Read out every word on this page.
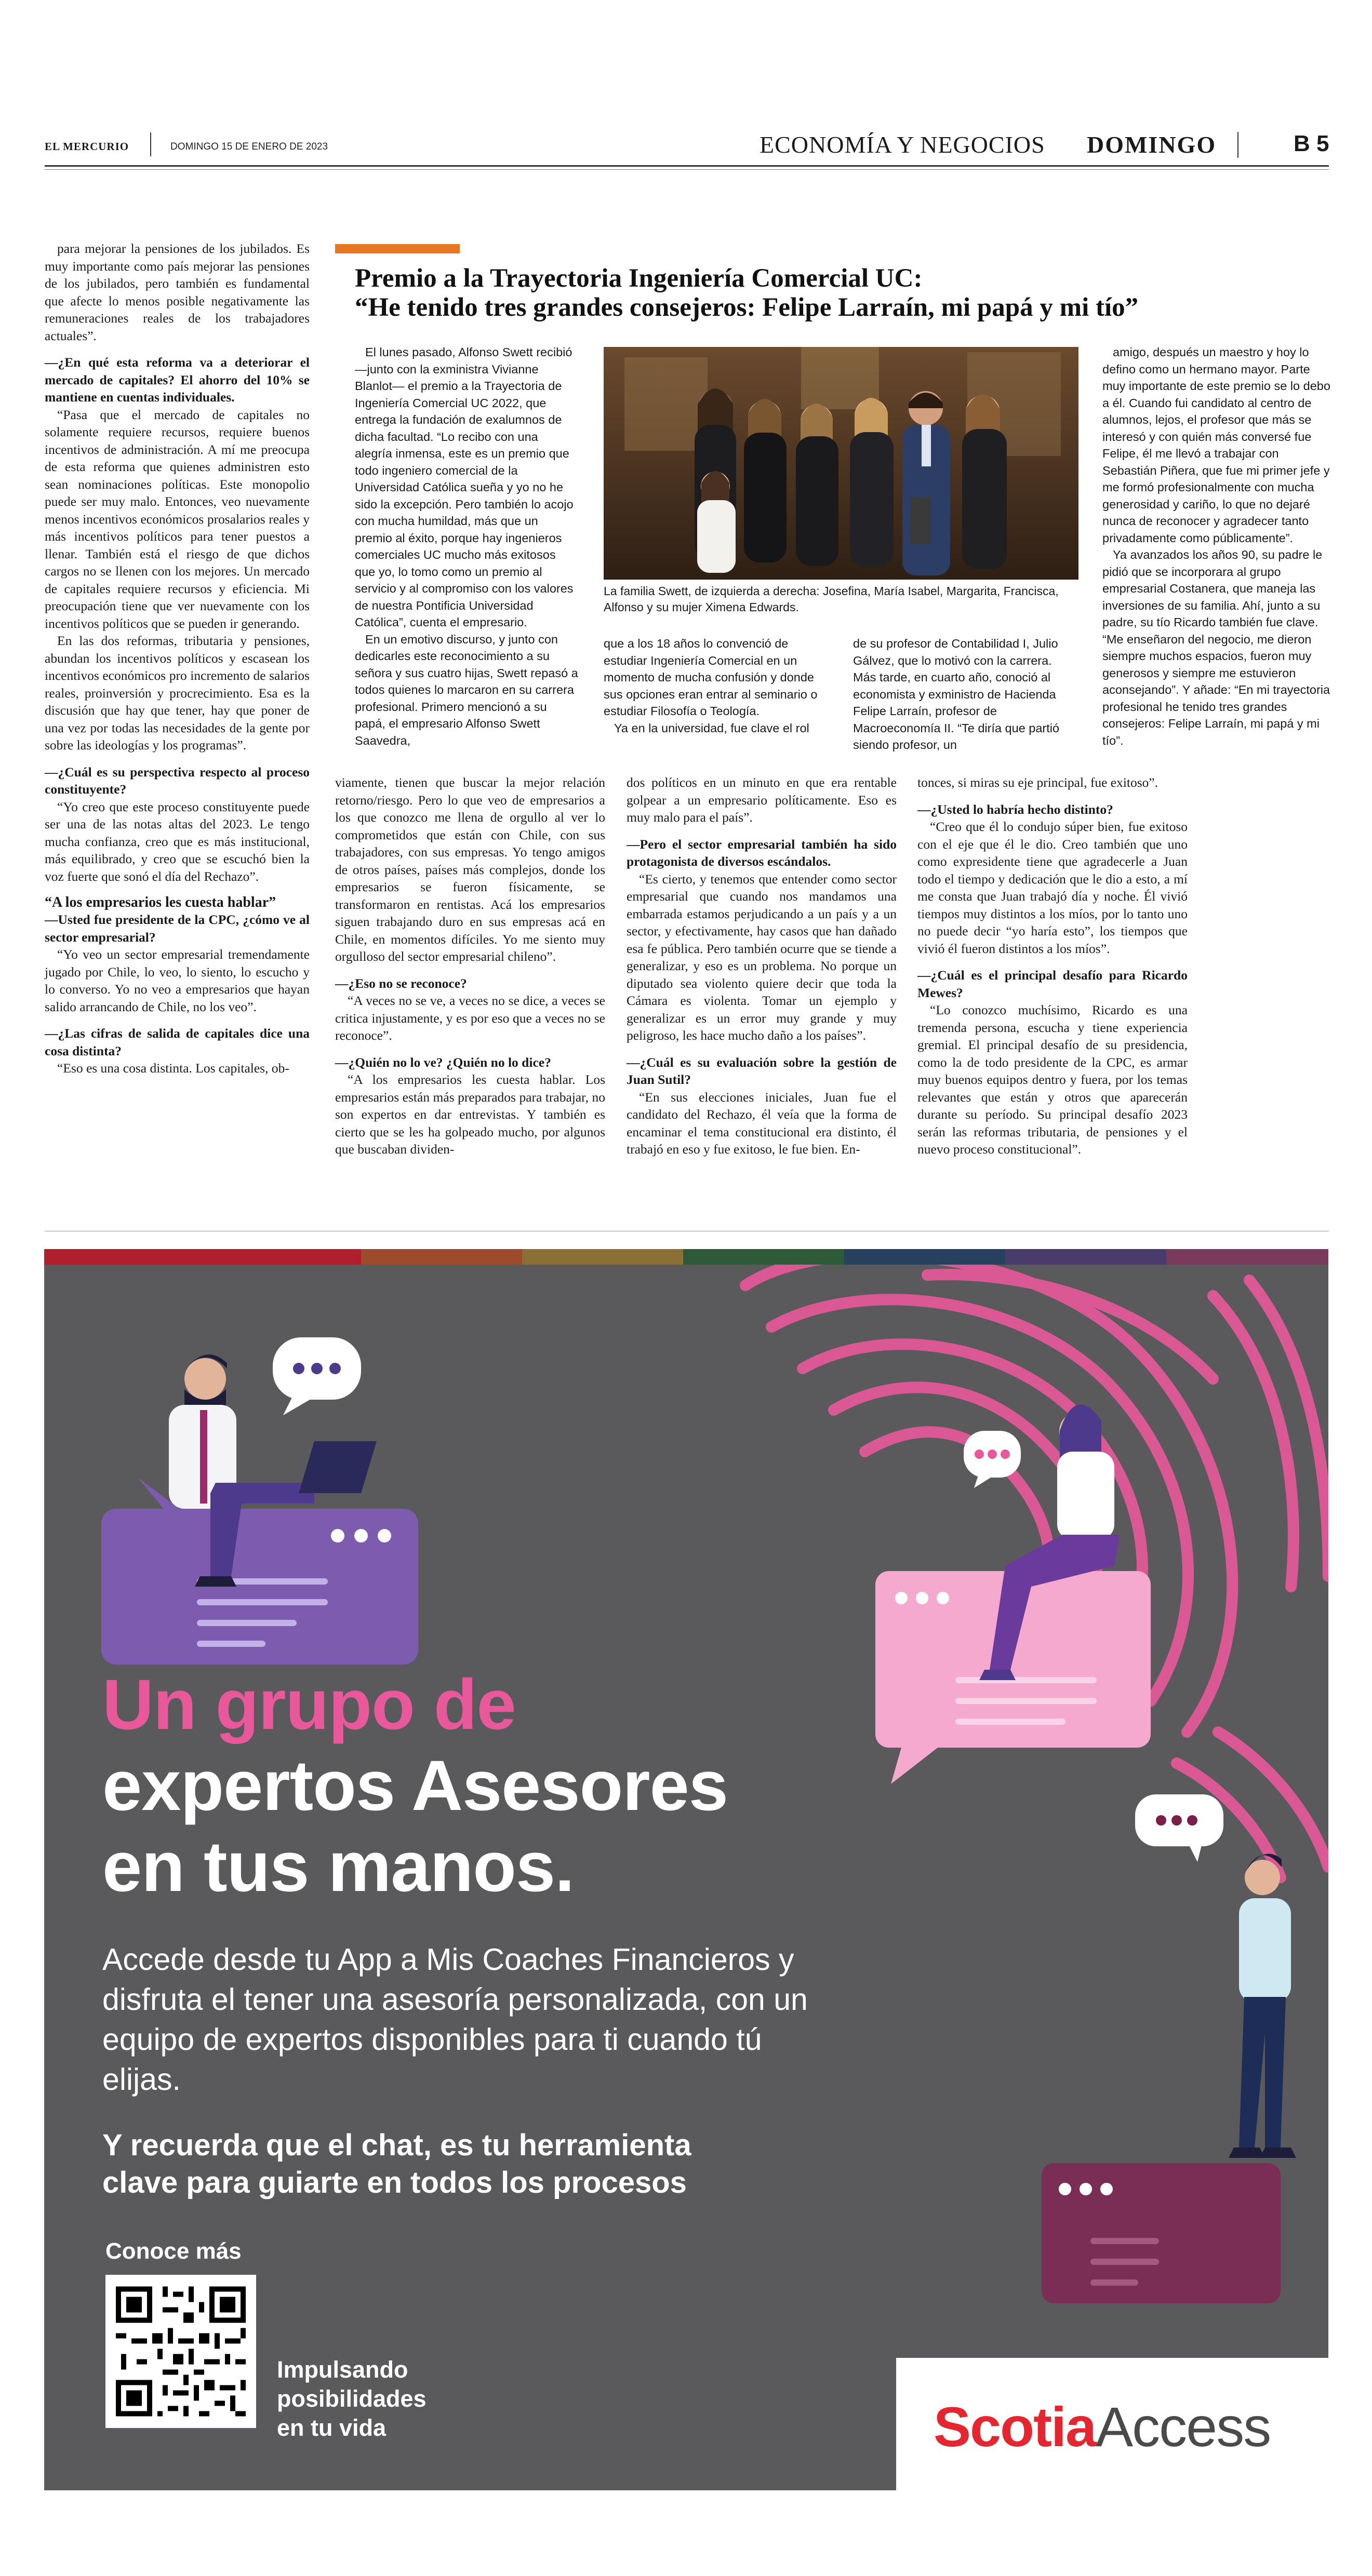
EL MERCURIO	DOMINGO 15 DE ENERO DE 2023	ECONOMÍA Y NEGOCIOS DOMINGO	B 5

para mejorar la pensiones de los jubilados. Es muy importante como país mejorar las pensiones de los jubilados, pero también es fundamental que afecte lo menos posible negativamente las remuneraciones reales de los trabajadores actuales”.

—¿En qué esta reforma va a deteriorar el mercado de capitales? El ahorro del 10% se mantiene en cuentas individuales.

“Pasa que el mercado de capitales no solamente requiere recursos, requiere buenos incentivos de administración. A mí me preocupa de esta reforma que quienes administren esto sean nominaciones políticas. Este monopolio puede ser muy malo. Entonces, veo nuevamente menos incentivos económicos prosalarios reales y más incentivos políticos para tener puestos a llenar. También está el riesgo de que dichos cargos no se llenen con los mejores. Un mercado de capitales requiere recursos y eficiencia. Mi preocupación tiene que ver nuevamente con los incentivos políticos que se pueden ir generando.

En las dos reformas, tributaria y pensiones, abundan los incentivos políticos y escasean los incentivos económicos pro incremento de salarios reales, proinversión y procrecimiento. Esa es la discusión que hay que tener, hay que poner de una vez por todas las necesidades de la gente por sobre las ideologías y los programas”.

—¿Cuál es su perspectiva respecto al proceso constituyente?

“Yo creo que este proceso constituyente puede ser una de las notas altas del 2023. Le tengo mucha confianza, creo que es más institucional, más equilibrado, y creo que se escuchó bien la voz fuerte que sonó el día del Rechazo”.

“A los empresarios les cuesta hablar”

—Usted fue presidente de la CPC, ¿cómo ve al sector empresarial?

“Yo veo un sector empresarial tremendamente jugado por Chile, lo veo, lo siento, lo escucho y lo converso. Yo no veo a empresarios que hayan salido arrancando de Chile, no los veo”.

—¿Las cifras de salida de capitales dice una cosa distinta?

“Eso es una cosa distinta. Los capitales, ob-

Premio a la Trayectoria Ingeniería Comercial UC:
“He tenido tres grandes consejeros: Felipe Larraín, mi papá y mi tío”

El lunes pasado, Alfonso Swett recibió —junto con la exministra Vivianne Blanlot— el premio a la Trayectoria de Ingeniería Comercial UC 2022, que entrega la fundación de exalumnos de dicha facultad. “Lo recibo con una alegría inmensa, este es un premio que todo ingeniero comercial de la Universidad Católica sueña y yo no he sido la excepción. Pero también lo acojo con mucha humildad, más que un premio al éxito, porque hay ingenieros comerciales UC mucho más exitosos que yo, lo tomo como un premio al servicio y al compromiso con los valores de nuestra Pontificia Universidad Católica”, cuenta el empresario.

En un emotivo discurso, y junto con dedicarles este reconocimiento a su señora y sus cuatro hijas, Swett repasó a todos quienes lo marcaron en su carrera profesional. Primero mencionó a su papá, el empresario Alfonso Swett Saavedra,

La familia Swett, de izquierda a derecha: Josefina, María Isabel, Margarita, Francisca, Alfonso y su mujer Ximena Edwards.

que a los 18 años lo convenció de estudiar Ingeniería Comercial en un momento de mucha confusión y donde sus opciones eran entrar al seminario o estudiar Filosofía o Teología.

Ya en la universidad, fue clave el rol

de su profesor de Contabilidad I, Julio Gálvez, que lo motivó con la carrera. Más tarde, en cuarto año, conoció al economista y exministro de Hacienda Felipe Larraín, profesor de Macroeconomía II. “Te diría que partió siendo profesor, un

amigo, después un maestro y hoy lo defino como un hermano mayor. Parte muy importante de este premio se lo debo a él. Cuando fui candidato al centro de alumnos, lejos, el profesor que más se interesó y con quién más conversé fue Felipe, él me llevó a trabajar con Sebastián Piñera, que fue mi primer jefe y me formó profesionalmente con mucha generosidad y cariño, lo que no dejaré nunca de reconocer y agradecer tanto privadamente como públicamente”.

Ya avanzados los años 90, su padre le pidió que se incorporara al grupo empresarial Costanera, que maneja las inversiones de su familia. Ahí, junto a su padre, su tío Ricardo también fue clave. “Me enseñaron del negocio, me dieron siempre muchos espacios, fueron muy generosos y siempre me estuvieron aconsejando”. Y añade: “En mi trayectoria profesional he tenido tres grandes consejeros: Felipe Larraín, mi papá y mi tío”.

viamente, tienen que buscar la mejor relación retorno/riesgo. Pero lo que veo de empresarios a los que conozco me llena de orgullo al ver lo comprometidos que están con Chile, con sus trabajadores, con sus empresas. Yo tengo amigos de otros países, países más complejos, donde los empresarios se fueron físicamente, se transformaron en rentistas. Acá los empresarios siguen trabajando duro en sus empresas acá en Chile, en momentos difíciles. Yo me siento muy orgulloso del sector empresarial chileno”.

—¿Eso no se reconoce?

“A veces no se ve, a veces no se dice, a veces se critica injustamente, y es por eso que a veces no se reconoce”.

—¿Quién no lo ve? ¿Quién no lo dice?

“A los empresarios les cuesta hablar. Los empresarios están más preparados para trabajar, no son expertos en dar entrevistas. Y también es cierto que se les ha golpeado mucho, por algunos que buscaban dividen-

dos políticos en un minuto en que era rentable golpear a un empresario políticamente. Eso es muy malo para el país”.

—Pero el sector empresarial también ha sido protagonista de diversos escándalos.

“Es cierto, y tenemos que entender como sector empresarial que cuando nos mandamos una embarrada estamos perjudicando a un país y a un sector, y efectivamente, hay casos que han dañado esa fe pública. Pero también ocurre que se tiende a generalizar, y eso es un problema. No porque un diputado sea violento quiere decir que toda la Cámara es violenta. Tomar un ejemplo y generalizar es un error muy grande y muy peligroso, les hace mucho daño a los países”.

—¿Cuál es su evaluación sobre la gestión de Juan Sutil?

“En sus elecciones iniciales, Juan fue el candidato del Rechazo, él veía que la forma de encaminar el tema constitucional era distinto, él trabajó en eso y fue exitoso, le fue bien. En-

tonces, si miras su eje principal, fue exitoso”.

—¿Usted lo habría hecho distinto?

“Creo que él lo condujo súper bien, fue exitoso con el eje que él le dio. Creo también que uno como expresidente tiene que agradecerle a Juan todo el tiempo y dedicación que le dio a esto, a mí me consta que Juan trabajó día y noche. Él vivió tiempos muy distintos a los míos, por lo tanto uno no puede decir “yo haría esto”, los tiempos que vivió él fueron distintos a los míos”.

—¿Cuál es el principal desafío para Ricardo Mewes?

“Lo conozco muchísimo, Ricardo es una tremenda persona, escucha y tiene experiencia gremial. El principal desafío de su presidencia, como la de todo presidente de la CPC, es armar muy buenos equipos dentro y fuera, por los temas relevantes que están y otros que aparecerán durante su período. Su principal desafío 2023 serán las reformas tributaria, de pensiones y el nuevo proceso constitucional”.

Un grupo de
expertos Asesores
en tus manos.
Accede desde tu App a Mis Coaches Financieros y disfruta el tener una asesoría personalizada, con un equipo de expertos disponibles para ti cuando tú elijas.
Y recuerda que el chat, es tu herramienta
clave para guiarte en todos los procesos
Conoce más
Impulsando
posibilidades
en tu vida	ScotiaAccess
